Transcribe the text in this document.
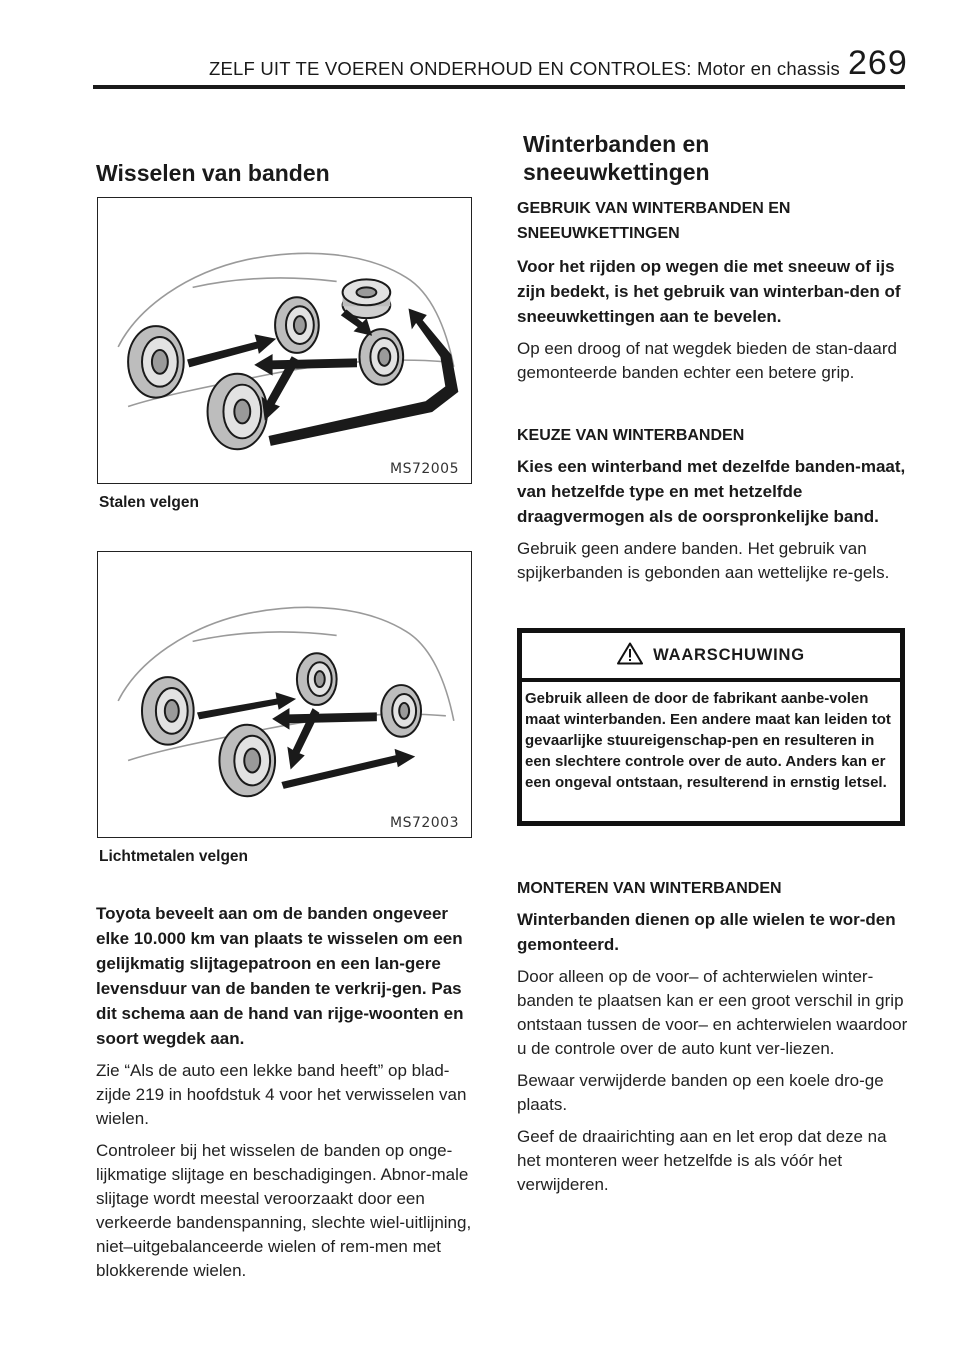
ZELF UIT TE VOEREN ONDERHOUD EN CONTROLES: Motor en chassis 269
Wisselen van banden
MS72005
Stalen velgen
MS72003
Lichtmetalen velgen

Toyota beveelt aan om de banden ongeveer elke 10.000 km van plaats te wisselen om een gelijkmatig slijtagepatroon en een lan-gere levensduur van de banden te verkrij-gen. Pas dit schema aan de hand van rijge-woonten en soort wegdek aan.

Zie “Als de auto een lekke band heeft” op blad-zijde 219 in hoofdstuk 4 voor het verwisselen van wielen.

Controleer bij het wisselen de banden op onge-lijkmatige slijtage en beschadigingen. Abnor-male slijtage wordt meestal veroorzaakt door een verkeerde bandenspanning, slechte wiel-uitlijning, niet–uitgebalanceerde wielen of rem-men met blokkerende wielen.

Winterbanden en
sneeuwkettingen

GEBRUIK VAN WINTERBANDEN EN SNEEUWKETTINGEN

Voor het rijden op wegen die met sneeuw of ijs zijn bedekt, is het gebruik van winterban-den of sneeuwkettingen aan te bevelen.

Op een droog of nat wegdek bieden de stan-daard gemonteerde banden echter een betere grip.

KEUZE VAN WINTERBANDEN

Kies een winterband met dezelfde banden-maat, van hetzelfde type en met hetzelfde draagvermogen als de oorspronkelijke band.

Gebruik geen andere banden. Het gebruik van spijkerbanden is gebonden aan wettelijke re-gels.

WAARSCHUWING
Gebruik alleen de door de fabrikant aanbe-volen maat winterbanden. Een andere maat kan leiden tot gevaarlijke stuureigenschap-pen en resulteren in een slechtere controle over de auto. Anders kan er een ongeval ontstaan, resulterend in ernstig letsel.

MONTEREN VAN WINTERBANDEN

Winterbanden dienen op alle wielen te wor-den gemonteerd.

Door alleen op de voor– of achterwielen winter-banden te plaatsen kan er een groot verschil in grip ontstaan tussen de voor– en achterwielen waardoor u de controle over de auto kunt ver-liezen.

Bewaar verwijderde banden op een koele dro-ge plaats.

Geef de draairichting aan en let erop dat deze na het monteren weer hetzelfde is als vóór het verwijderen.
